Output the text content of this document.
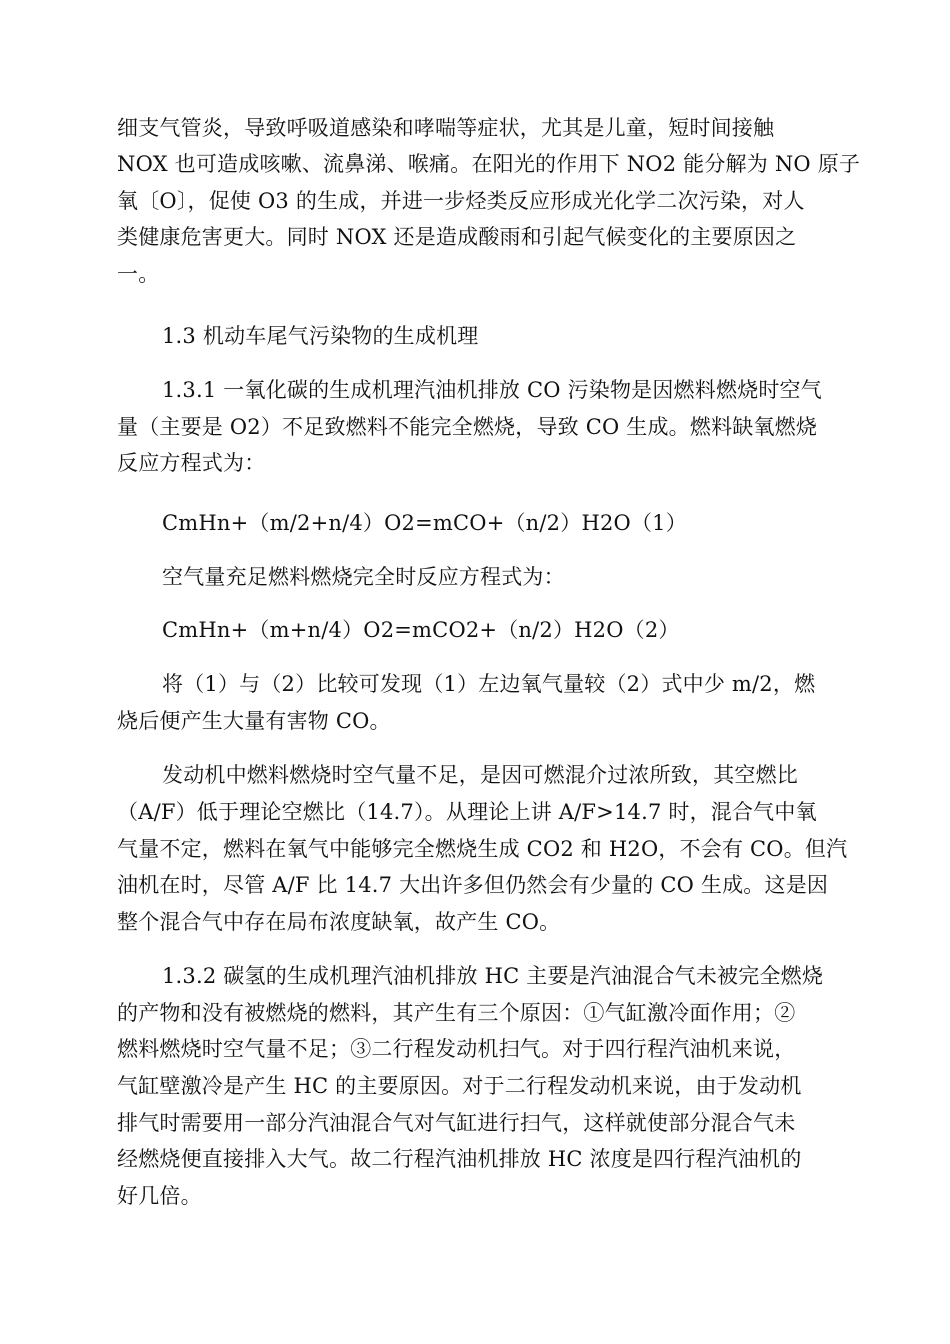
细支气管炎，导致呼吸道感染和哮喘等症状，尤其是儿童，短时间接触
NOX 也可造成咳嗽、流鼻涕、喉痛。在阳光的作用下 NO2 能分解为 NO 原子
氧〔O〕，促使 O3 的生成，并进一步烃类反应形成光化学二次污染，对人
类健康危害更大。同时 NOX 还是造成酸雨和引起气候变化的主要原因之
一。
1.3 机动车尾气污染物的生成机理
1.3.1 一氧化碳的生成机理汽油机排放 CO 污染物是因燃料燃烧时空气
量（主要是 O2）不足致燃料不能完全燃烧，导致 CO 生成。燃料缺氧燃烧
反应方程式为：
CmHn+（m/2+n/4）O2=mCO+（n/2）H2O（1）
空气量充足燃料燃烧完全时反应方程式为：
CmHn+（m+n/4）O2=mCO2+（n/2）H2O（2）
将（1）与（2）比较可发现（1）左边氧气量较（2）式中少 m/2，燃
烧后便产生大量有害物 CO。
发动机中燃料燃烧时空气量不足，是因可燃混介过浓所致，其空燃比
（A/F）低于理论空燃比（14.7）。从理论上讲 A/F>14.7 时，混合气中氧
气量不定，燃料在氧气中能够完全燃烧生成 CO2 和 H2O，不会有 CO。但汽
油机在时，尽管 A/F 比 14.7 大出许多但仍然会有少量的 CO 生成。这是因
整个混合气中存在局布浓度缺氧，故产生 CO。
1.3.2 碳氢的生成机理汽油机排放 HC 主要是汽油混合气未被完全燃烧
的产物和没有被燃烧的燃料，其产生有三个原因：①气缸激冷面作用；②
燃料燃烧时空气量不足；③二行程发动机扫气。对于四行程汽油机来说，
气缸壁激冷是产生 HC 的主要原因。对于二行程发动机来说，由于发动机
排气时需要用一部分汽油混合气对气缸进行扫气，这样就使部分混合气未
经燃烧便直接排入大气。故二行程汽油机排放 HC 浓度是四行程汽油机的
好几倍。
